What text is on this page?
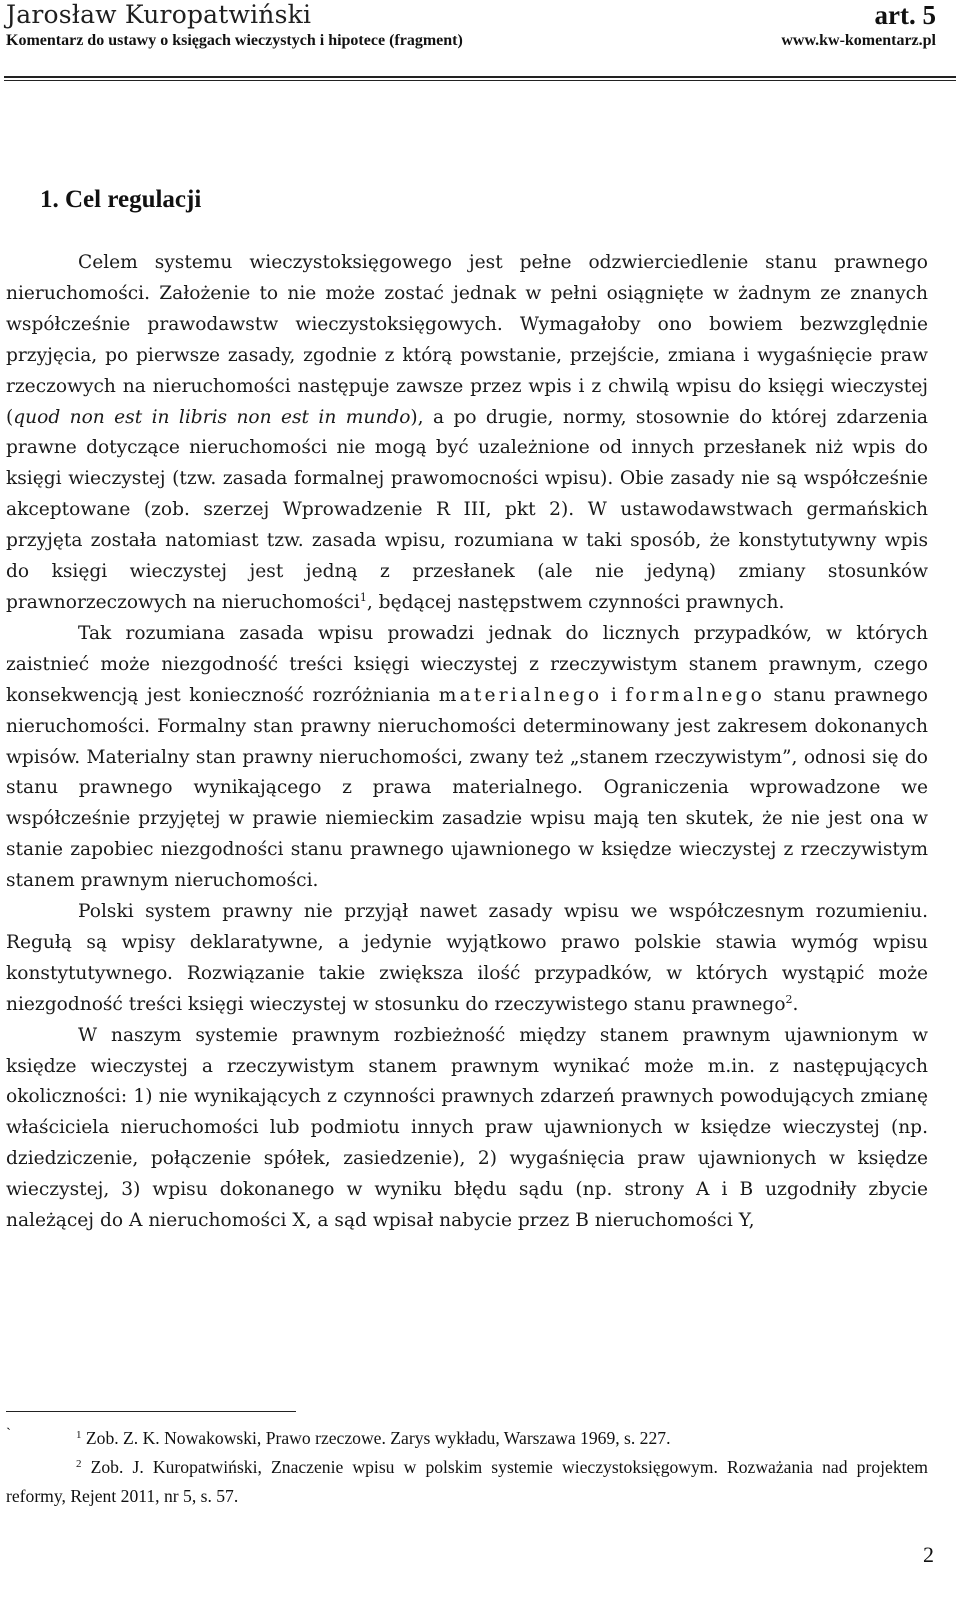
Jarosław Kuropatwiński	art. 5
Komentarz do ustawy o księgach wieczystych i hipotece (fragment)	www.kw-komentarz.pl
1. Cel regulacji

Celem systemu wieczystoksięgowego jest pełne odzwierciedlenie stanu prawnego nieruchomości. Założenie to nie może zostać jednak w pełni osiągnięte w żadnym ze znanych współcześnie prawodawstw wieczystoksięgowych. Wymagałoby ono bowiem bezwzględnie przyjęcia, po pierwsze zasady, zgodnie z którą powstanie, przejście, zmiana i wygaśnięcie praw rzeczowych na nieruchomości następuje zawsze przez wpis i z chwilą wpisu do księgi wieczystej (quod non est in libris non est in mundo), a po drugie, normy, stosownie do której zdarzenia prawne dotyczące nieruchomości nie mogą być uzależnione od innych przesłanek niż wpis do księgi wieczystej (tzw. zasada formalnej prawomocności wpisu). Obie zasady nie są współcześnie akceptowane (zob. szerzej Wprowadzenie R III, pkt 2). W ustawodawstwach germańskich przyjęta została natomiast tzw. zasada wpisu, rozumiana w taki sposób, że konstytutywny wpis do księgi wieczystej jest jedną z przesłanek (ale nie jedyną) zmiany stosunków prawnorzeczowych na nieruchomości$^1$, będącej następstwem czynności prawnych.

Tak rozumiana zasada wpisu prowadzi jednak do licznych przypadków, w których zaistnieć może niezgodność treści księgi wieczystej z rzeczywistym stanem prawnym, czego konsekwencją jest konieczność rozróżniania materialnego i formalnego stanu prawnego nieruchomości. Formalny stan prawny nieruchomości determinowany jest zakresem dokonanych wpisów. Materialny stan prawny nieruchomości, zwany też „stanem rzeczywistym”, odnosi się do stanu prawnego wynikającego z prawa materialnego. Ograniczenia wprowadzone we współcześnie przyjętej w prawie niemieckim zasadzie wpisu mają ten skutek, że nie jest ona w stanie zapobiec niezgodności stanu prawnego ujawnionego w księdze wieczystej z rzeczywistym stanem prawnym nieruchomości.

Polski system prawny nie przyjął nawet zasady wpisu we współczesnym rozumieniu. Regułą są wpisy deklaratywne, a jedynie wyjątkowo prawo polskie stawia wymóg wpisu konstytutywnego. Rozwiązanie takie zwiększa ilość przypadków, w których wystąpić może niezgodność treści księgi wieczystej w stosunku do rzeczywistego stanu prawnego$^2$.

W naszym systemie prawnym rozbieżność między stanem prawnym ujawnionym w księdze wieczystej a rzeczywistym stanem prawnym wynikać może m.in. z następujących okoliczności: 1) nie wynikających z czynności prawnych zdarzeń prawnych powodujących zmianę właściciela nieruchomości lub podmiotu innych praw ujawnionych w księdze wieczystej (np. dziedziczenie, połączenie spółek, zasiedzenie), 2) wygaśnięcia praw ujawnionych w księdze wieczystej, 3) wpisu dokonanego w wyniku błędu sądu (np. strony A i B uzgodniły zbycie należącej do A nieruchomości X, a sąd wpisał nabycie przez B nieruchomości Y,

`	$^1$ Zob. Z. K. Nowakowski, Prawo rzeczowe. Zarys wykładu, Warszawa 1969, s. 227.

$^2$ Zob. J. Kuropatwiński, Znaczenie wpisu w polskim systemie wieczystoksięgowym. Rozważania nad projektem reformy, Rejent 2011, nr 5, s. 57.

2
